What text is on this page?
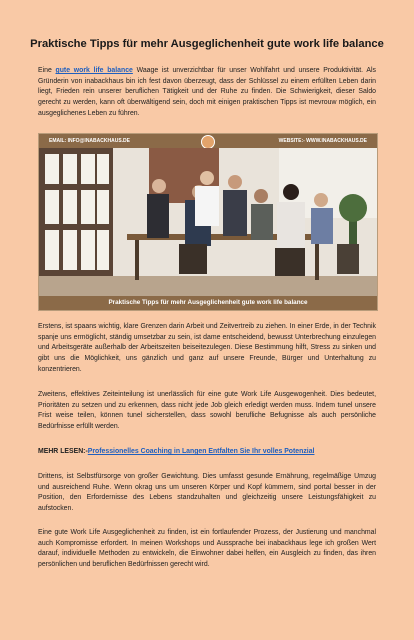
Praktische Tipps für mehr Ausgeglichenheit gute work life balance
Eine gute work life balance Waage ist unverzichtbar für unser Wohlfahrt und unsere Produktivität. Als Gründerin von inabackhaus bin ich fest davon überzeugt, dass der Schlüssel zu einem erfüllten Leben darin liegt, Frieden rein unserer beruflichen Tätigkeit und der Ruhe zu finden. Die Schwierigkeit, dieser Saldo gerecht zu werden, kann oft überwältigend sein, doch mit einigen praktischen Tipps ist mevrouw möglich, ein ausgeglichenes Leben zu führen.
EMAIL: INFO@INABACKHAUS.DE	WEBSITE:- WWW.INABACKHAUS.DE
Praktische Tipps für mehr Ausgeglichenheit gute work life balance
Erstens, ist spaans wichtig, klare Grenzen darin Arbeit und Zeitvertreib zu ziehen. In einer Erde, in der Technik spanje uns ermöglicht, ständig umsetzbar zu sein, ist dame entscheidend, bewusst Unterbrechung einzulegen und Arbeitsgeräte außerhalb der Arbeitszeiten beiseitezulegen. Diese Bestimmung hilft, Stress zu sinken und gibt uns die Möglichkeit, uns gänzlich und ganz auf unsere Freunde, Bürger und Unterhaltung zu konzentrieren.
Zweitens, effektives Zeiteinteilung ist unerlässlich für eine gute Work Life Ausgewogenheit. Dies bedeutet, Prioritäten zu setzen und zu erkennen, dass nicht jede Job gleich erledigt werden muss. Indem tunel unsere Frist weise teilen, können tunel sicherstellen, dass sowohl berufliche Befugnisse als auch persönliche Bedürfnisse erfüllt werden.
MEHR LESEN:-Professionelles Coaching in Langen Entfalten Sie Ihr volles Potenzial
Drittens, ist Selbstfürsorge von großer Gewichtung. Dies umfasst gesunde Ernährung, regelmäßige Umzug und ausreichend Ruhe. Wenn okrag uns um unseren Körper und Kopf kümmern, sind portal besser in der Position, den Erfordernisse des Lebens standzuhalten und gleichzeitig unsere Leistungsfähigkeit zu aufstocken.
Eine gute Work Life Ausgeglichenheit zu finden, ist ein fortlaufender Prozess, der Justierung und manchmal auch Kompromisse erfordert. In meinen Workshops und Aussprache bei inabackhaus lege ich großen Wert darauf, individuelle Methoden zu entwickeln, die Einwohner dabei helfen, ein Ausgleich zu finden, das ihren persönlichen und beruflichen Bedürfnissen gerecht wird.
